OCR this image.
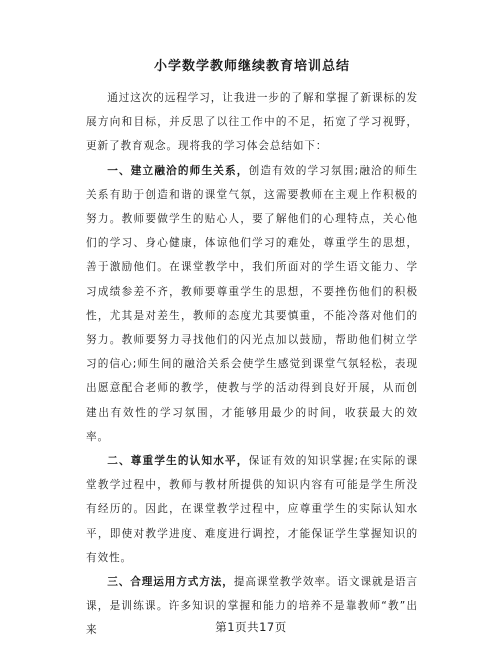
小学数学教师继续教育培训总结

通过这次的远程学习，让我进一步的了解和掌握了新课标的发展方向和目标，并反思了以往工作中的不足，拓宽了学习视野，更新了教育观念。现将我的学习体会总结如下：

一、建立融洽的师生关系，创造有效的学习氛围;融洽的师生关系有助于创造和谐的课堂气氛，这需要教师在主观上作积极的努力。教师要做学生的贴心人，要了解他们的心理特点，关心他们的学习、身心健康，体谅他们学习的难处，尊重学生的思想，善于激励他们。在课堂教学中，我们所面对的学生语文能力、学习成绩参差不齐，教师要尊重学生的思想，不要挫伤他们的积极性，尤其是对差生，教师的态度尤其要慎重，不能冷落对他们的努力。教师要努力寻找他们的闪光点加以鼓励，帮助他们树立学习的信心;师生间的融洽关系会使学生感觉到课堂气氛轻松，表现出愿意配合老师的教学，使教与学的活动得到良好开展，从而创建出有效性的学习氛围，才能够用最少的时间，收获最大的效率。

二、尊重学生的认知水平，保证有效的知识掌握;在实际的课堂教学过程中，教师与教材所提供的知识内容有可能是学生所没有经历的。因此，在课堂教学过程中，应尊重学生的实际认知水平，即使对教学进度、难度进行调控，才能保证学生掌握知识的有效性。

三、合理运用方式方法，提高课堂教学效率。语文课就是语言课，是训练课。许多知识的掌握和能力的培养不是靠教师“教”出来	第1页共17页
